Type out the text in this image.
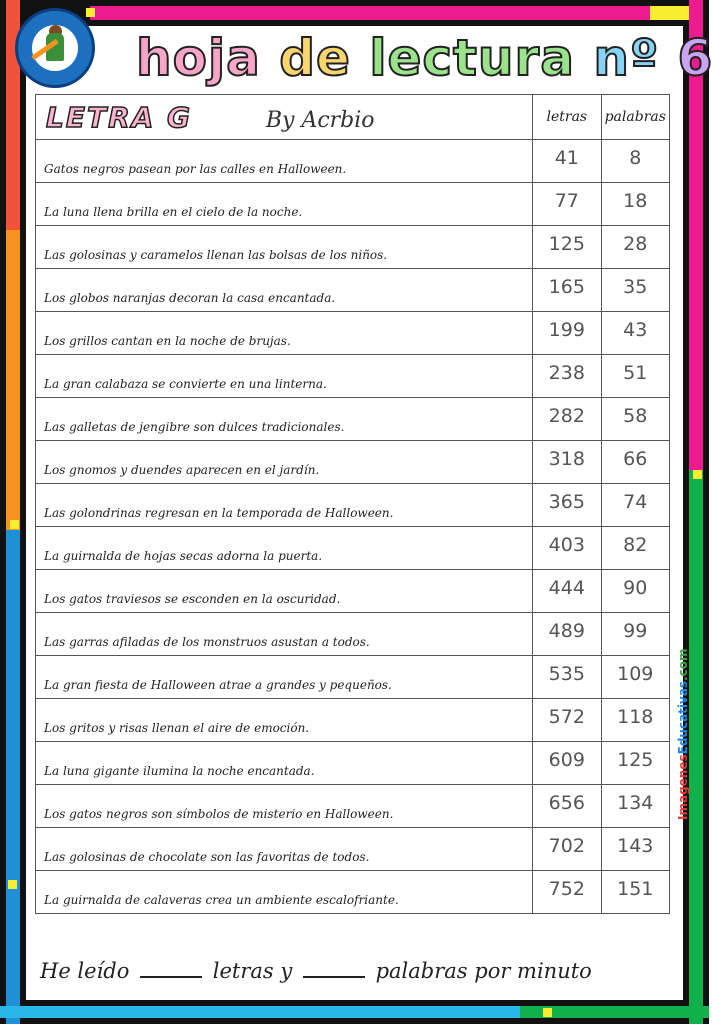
hoja de lectura nº 6
LETRA G By Acrbio	letras	palabras
Gatos negros pasean por las calles en Halloween.	41	8
La luna llena brilla en el cielo de la noche.	77	18
Las golosinas y caramelos llenan las bolsas de los niños.	125	28
Los globos naranjas decoran la casa encantada.	165	35
Los grillos cantan en la noche de brujas.	199	43
La gran calabaza se convierte en una linterna.	238	51
Las galletas de jengibre son dulces tradicionales.	282	58
Los gnomos y duendes aparecen en el jardín.	318	66
Las golondrinas regresan en la temporada de Halloween.	365	74
La guirnalda de hojas secas adorna la puerta.	403	82
Los gatos traviesos se esconden en la oscuridad.	444	90
Las garras afiladas de los monstruos asustan a todos.	489	99
La gran fiesta de Halloween atrae a grandes y pequeños.	535	109
Los gritos y risas llenan el aire de emoción.	572	118
La luna gigante ilumina la noche encantada.	609	125
Los gatos negros son símbolos de misterio en Halloween.	656	134
Las golosinas de chocolate son las favoritas de todos.	702	143
La guirnalda de calaveras crea un ambiente escalofriante.	752	151
He leído	letras y	palabras por minuto
ImagenesEducativas.com
